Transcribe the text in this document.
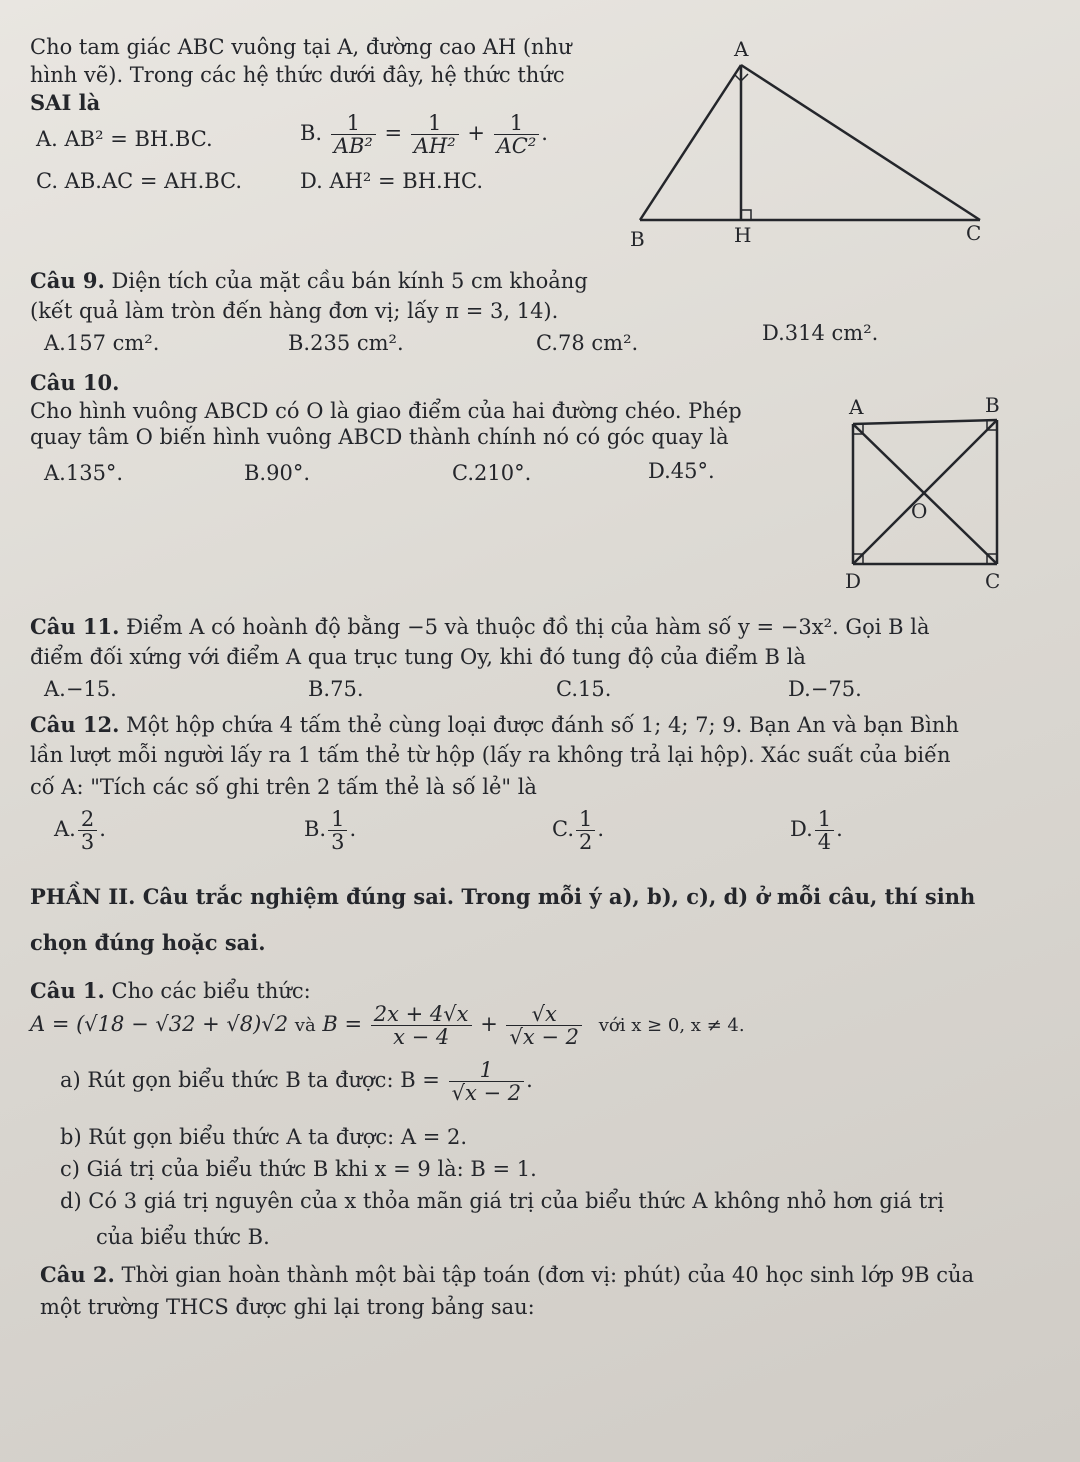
Cho tam giác ABC vuông tại A, đường cao AH (như
hình vẽ). Trong các hệ thức dưới đây, hệ thức thức
SAI là
A. AB² = BH.BC.	B. $\frac{1}{\text{AB²}} = \frac{1}{\text{AH²}} + \frac{1}{\text{AC²}}$ .
C. AB.AC = AH.BC.	D. AH² = BH.HC.
A
B	H	C
Câu 9. Diện tích của mặt cầu bán kính 5 cm khoảng
(kết quả làm tròn đến hàng đơn vị; lấy π = 3, 14).
A.157 cm².	B.235 cm².	C.78 cm².	D.314 cm².
Câu 10.
Cho hình vuông ABCD có O là giao điểm của hai đường chéo. Phép
quay tâm O biến hình vuông ABCD thành chính nó có góc quay là
A.135°.	B.90°.	C.210°.	D.45°.
A	B
C
D
O
Câu 11. Điểm A có hoành độ bằng −5 và thuộc đồ thị của hàm số y = −3x². Gọi B là
điểm đối xứng với điểm A qua trục tung Oy, khi đó tung độ của điểm B là
A.−15.	B.75.	C.15.	D.−75.
Câu 12. Một hộp chứa 4 tấm thẻ cùng loại được đánh số 1; 4; 7; 9. Bạn An và bạn Bình
lần lượt mỗi người lấy ra 1 tấm thẻ từ hộp (lấy ra không trả lại hộp). Xác suất của biến
cố A: "Tích các số ghi trên 2 tấm thẻ là số lẻ" là
A. $\frac{2}{3}$ .	B. $\frac{1}{3}$ .	C. $\frac{1}{2}$ .	D. $\frac{1}{4}$ .
PHẦN II. Câu trắc nghiệm đúng sai. Trong mỗi ý a), b), c), d) ở mỗi câu, thí sinh
chọn đúng hoặc sai.
Câu 1. Cho các biểu thức:
A = (√18 − √32 + √8)√2 và $B = \frac{2x + 4√x}{x - 4} + \frac{√x}{√x - 2}$ với x ≥ 0, x ≠ 4.
a) Rút gọn biểu thức B ta được: $B = \frac{1}{√x - 2}$ .
b) Rút gọn biểu thức A ta được: A = 2.
c) Giá trị của biểu thức B khi x = 9 là: B = 1.
d) Có 3 giá trị nguyên của x thỏa mãn giá trị của biểu thức A không nhỏ hơn giá trị
của biểu thức B.
Câu 2. Thời gian hoàn thành một bài tập toán (đơn vị: phút) của 40 học sinh lớp 9B của
một trường THCS được ghi lại trong bảng sau:
